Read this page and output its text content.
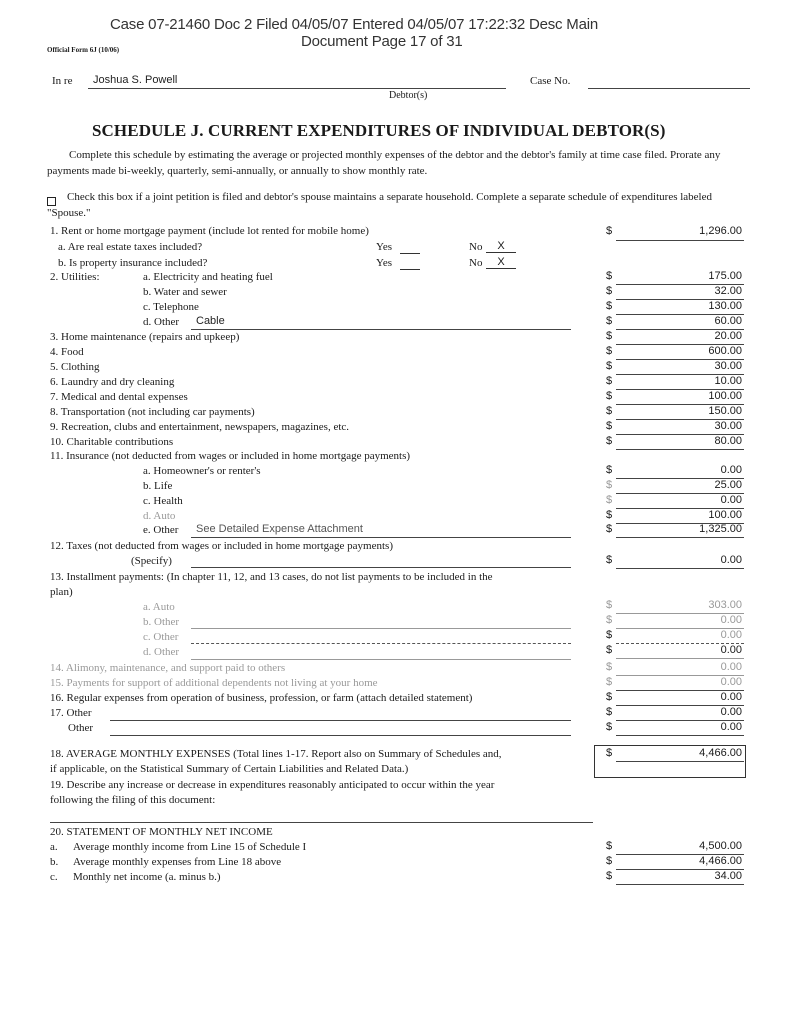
Case 07-21460 Doc 2 Filed 04/05/07 Entered 04/05/07 17:22:32 Desc Main
Document Page 17 of 31
Official Form 6J (10/06)
In re Joshua S. Powell
Debtor(s)
Case No.
SCHEDULE J. CURRENT EXPENDITURES OF INDIVIDUAL DEBTOR(S)
Complete this schedule by estimating the average or projected monthly expenses of the debtor and the debtor's family at time case filed. Prorate any payments made bi-weekly, quarterly, semi-annually, or annually to show monthly rate.
Check this box if a joint petition is filed and debtor's spouse maintains a separate household. Complete a separate schedule of expenditures labeled "Spouse."
1. Rent or home mortgage payment (include lot rented for mobile home)	$	1,296.00
a. Are real estate taxes included?	Yes	No	X
b. Is property insurance included?	Yes	No	X
2. Utilities:	a. Electricity and heating fuel	$	175.00
b. Water and sewer	$	32.00
c. Telephone	$	130.00
d. Other Cable	$	60.00
3. Home maintenance (repairs and upkeep)	$	20.00
4. Food	$	600.00
5. Clothing	$	30.00
6. Laundry and dry cleaning	$	10.00
7. Medical and dental expenses	$	100.00
8. Transportation (not including car payments)	$	150.00
9. Recreation, clubs and entertainment, newspapers, magazines, etc.	$	30.00
10. Charitable contributions	$	80.00
11. Insurance (not deducted from wages or included in home mortgage payments)
a. Homeowner's or renter's	$	0.00
b. Life	$	25.00
c. Health	$	0.00
d. Auto	$	100.00
e. Other See Detailed Expense Attachment	$	1,325.00
12. Taxes (not deducted from wages or included in home mortgage payments)
(Specify)	$	0.00
13. Installment payments: (In chapter 11, 12, and 13 cases, do not list payments to be included in the
plan)
a. Auto	$	303.00
b. Other	$	0.00
c. Other	$	0.00
d. Other	$	0.00
14. Alimony, maintenance, and support paid to others	$	0.00
15. Payments for support of additional dependents not living at your home	$	0.00
16. Regular expenses from operation of business, profession, or farm (attach detailed statement)	$	0.00
17. Other	$	0.00
Other	$	0.00
18. AVERAGE MONTHLY EXPENSES (Total lines 1-17. Report also on Summary of Schedules and,
if applicable, on the Statistical Summary of Certain Liabilities and Related Data.)
$	4,466.00
19. Describe any increase or decrease in expenditures reasonably anticipated to occur within the year
following the filing of this document:
20. STATEMENT OF MONTHLY NET INCOME
a. Average monthly income from Line 15 of Schedule I	$	4,500.00
b. Average monthly expenses from Line 18 above	$	4,466.00
c. Monthly net income (a. minus b.)	$	34.00
